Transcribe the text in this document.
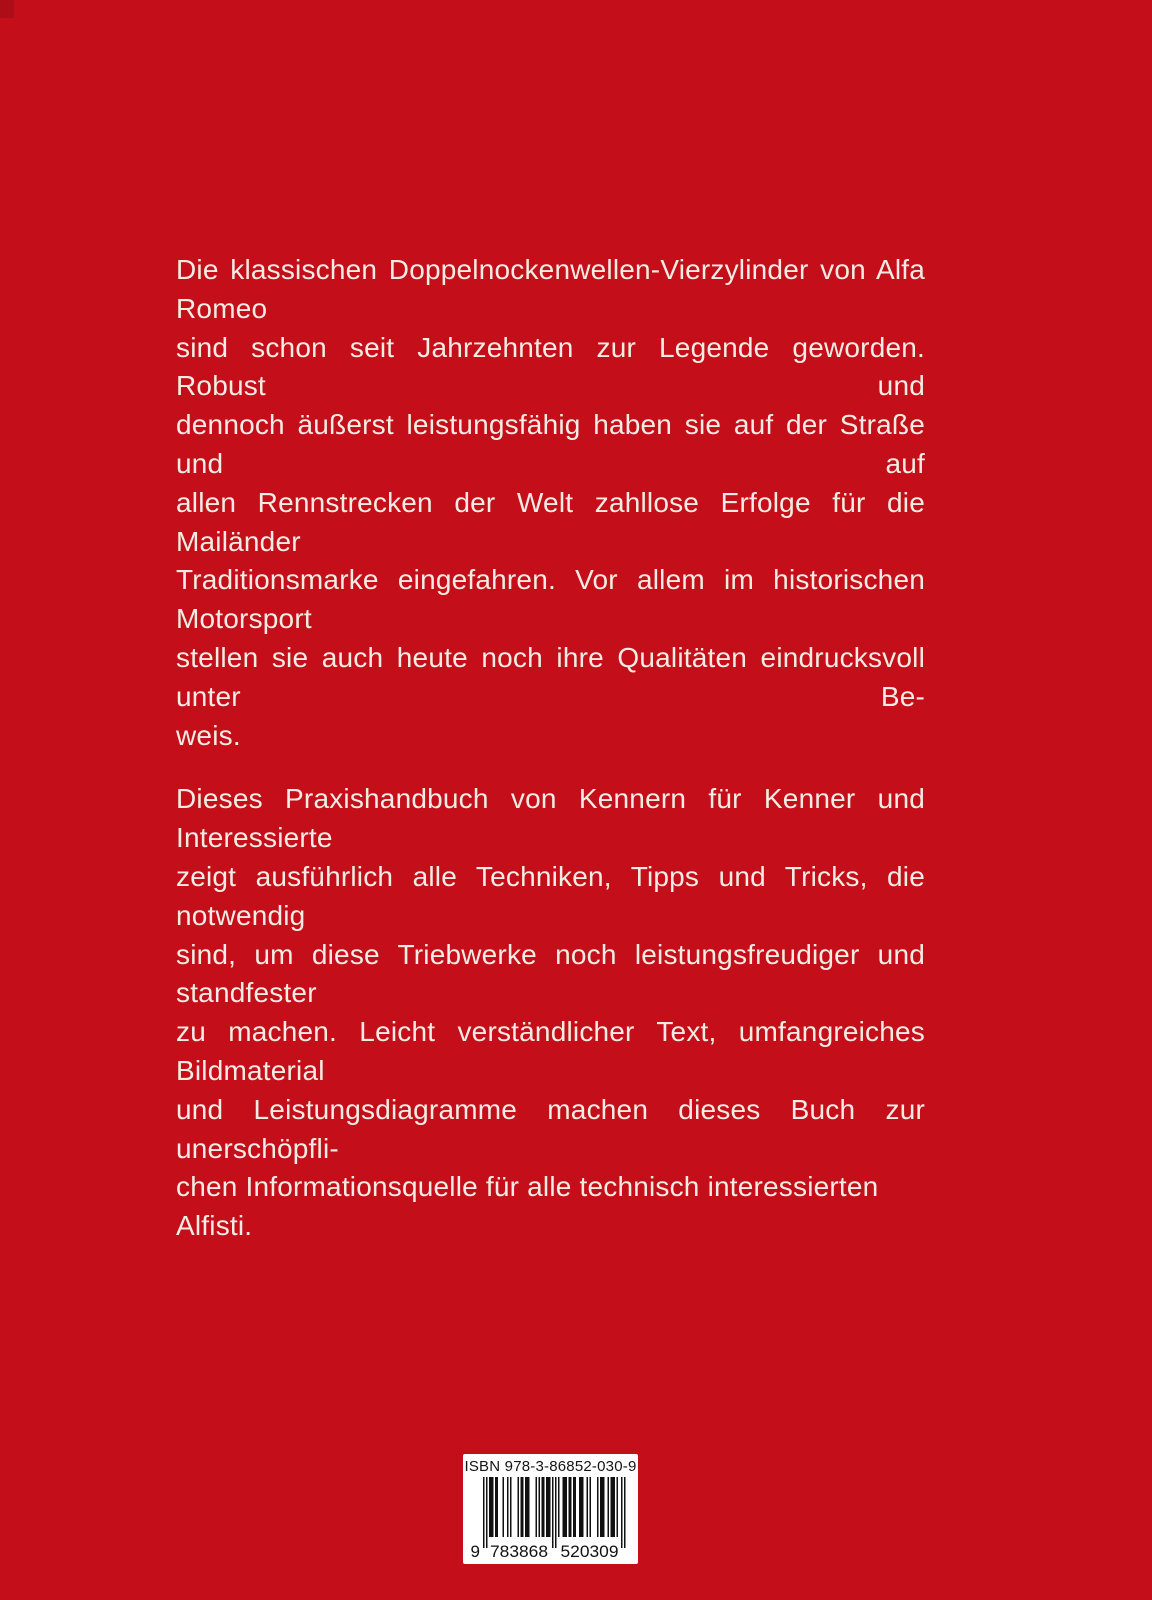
Die klassischen Doppelnockenwellen-Vierzylinder von Alfa Romeo
sind schon seit Jahrzehnten zur Legende geworden. Robust und
dennoch äußerst leistungsfähig haben sie auf der Straße und auf
allen Rennstrecken der Welt zahllose Erfolge für die Mailänder
Traditionsmarke eingefahren. Vor allem im historischen Motorsport
stellen sie auch heute noch ihre Qualitäten eindrucksvoll unter Be-
weis.
Dieses Praxishandbuch von Kennern für Kenner und Interessierte
zeigt ausführlich alle Techniken, Tipps und Tricks, die notwendig
sind, um diese Triebwerke noch leistungsfreudiger und standfester
zu machen. Leicht verständlicher Text, umfangreiches Bildmaterial
und Leistungsdiagramme machen dieses Buch zur unerschöpfli-
chen Informationsquelle für alle technisch interessierten Alfisti.
ISBN 978-3-86852-030-9
9 783868 520309
